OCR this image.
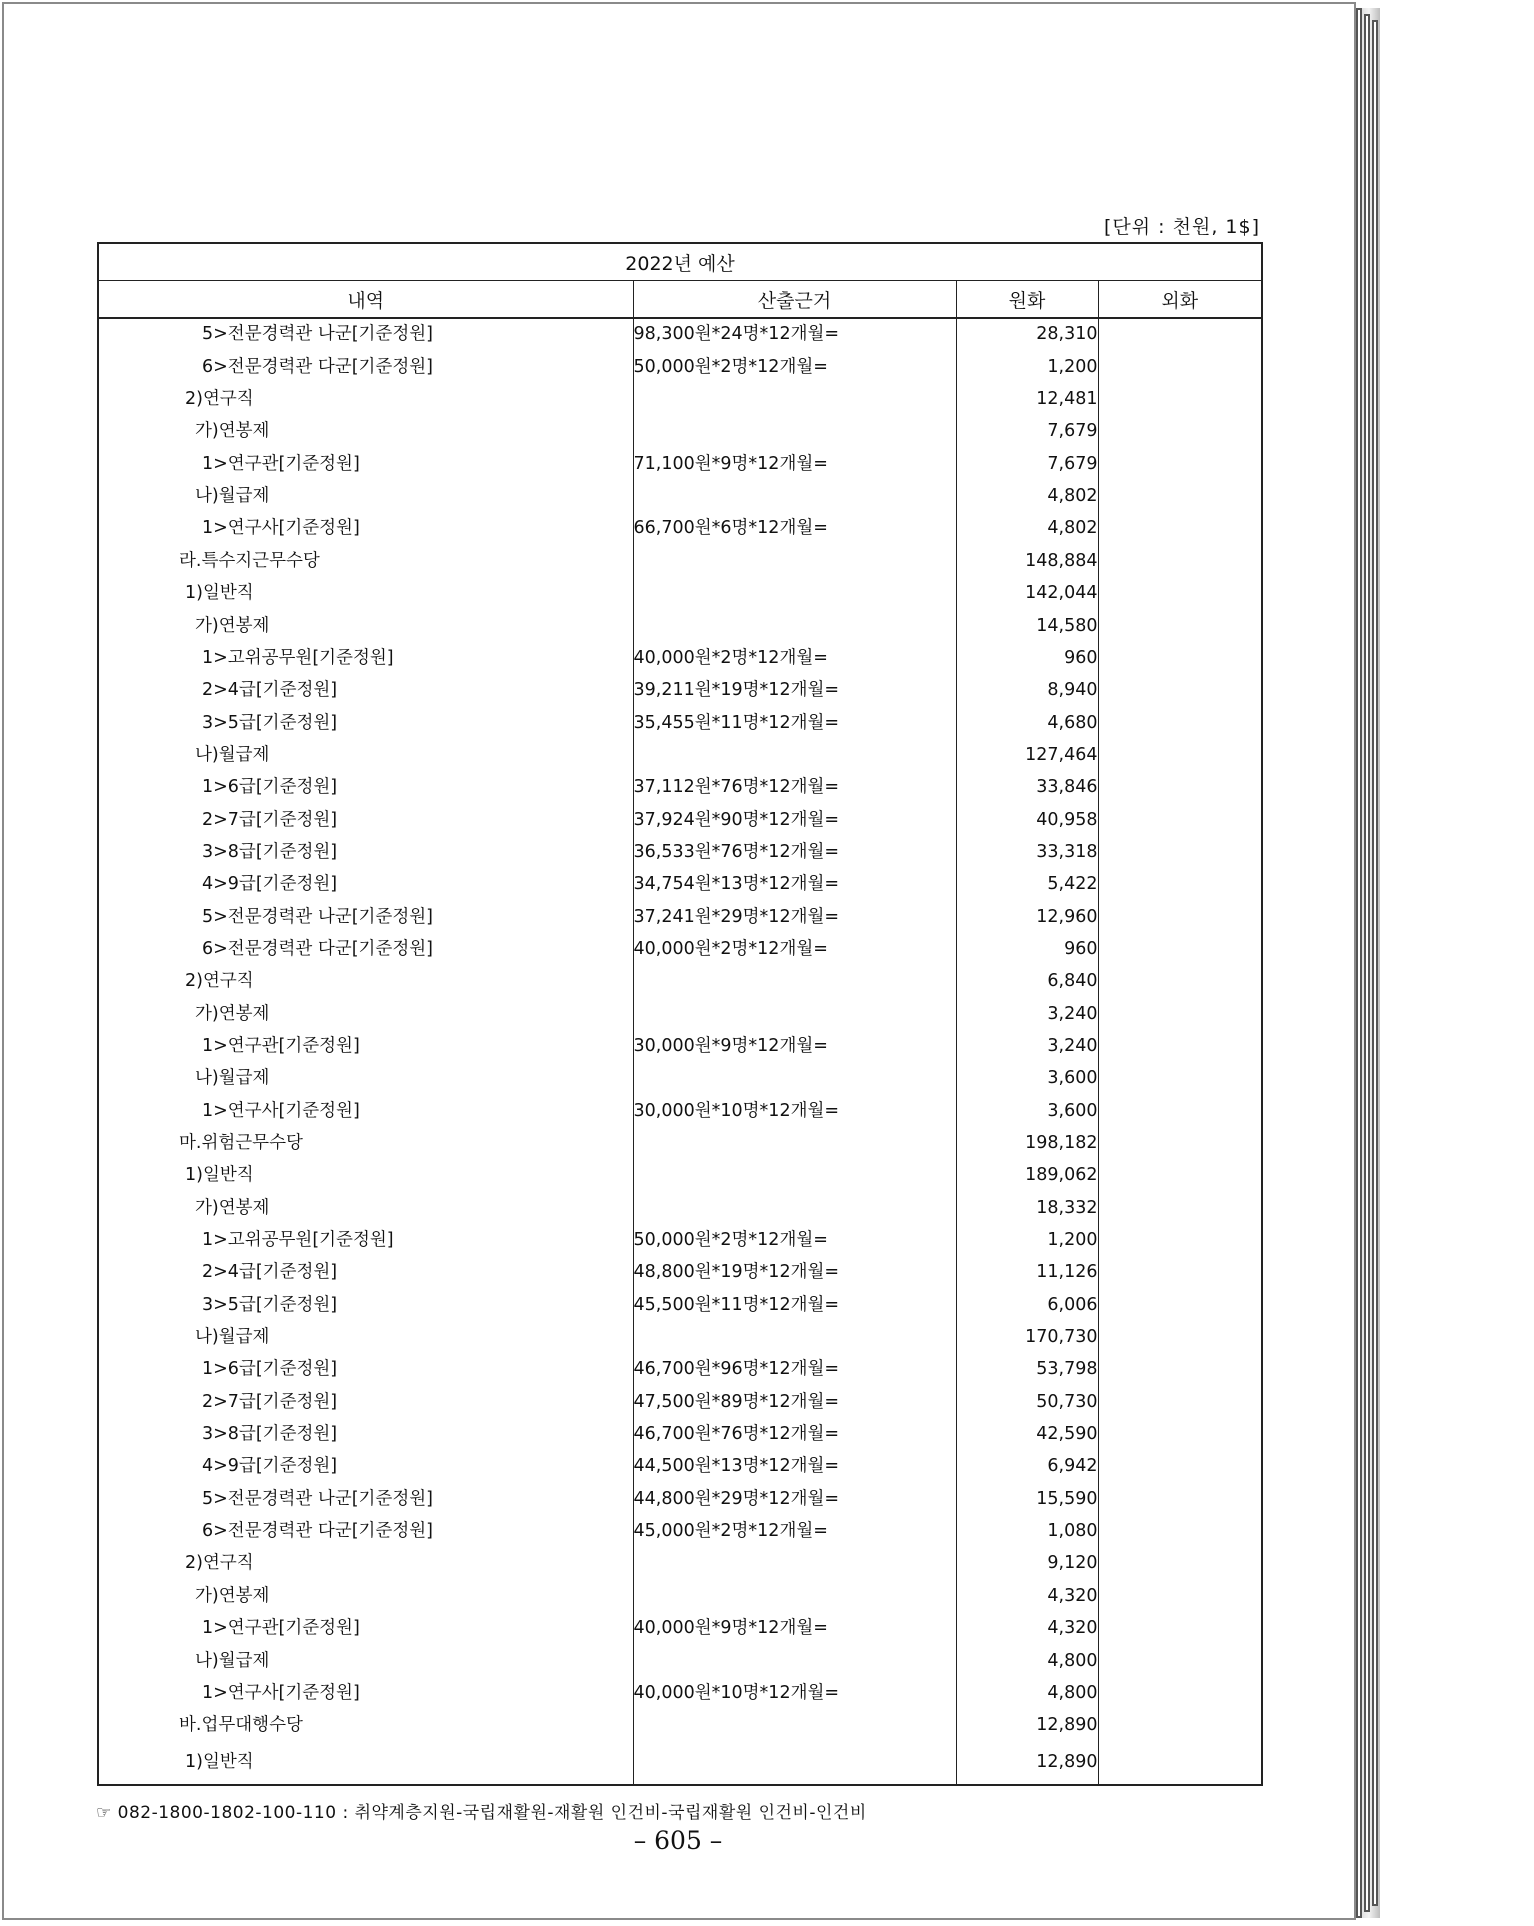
[단위 : 천원, 1$]
2022년 예산			
내역	산출근거	원화	외화
5>전문경력관 나군[기준정원]	98,300원*24명*12개월=	28,310	
6>전문경력관 다군[기준정원]	50,000원*2명*12개월=	1,200	
2)연구직		12,481	
가)연봉제		7,679	
1>연구관[기준정원]	71,100원*9명*12개월=	7,679	
나)월급제		4,802	
1>연구사[기준정원]	66,700원*6명*12개월=	4,802	
라.특수지근무수당		148,884	
1)일반직		142,044	
가)연봉제		14,580	
1>고위공무원[기준정원]	40,000원*2명*12개월=	960	
2>4급[기준정원]	39,211원*19명*12개월=	8,940	
3>5급[기준정원]	35,455원*11명*12개월=	4,680	
나)월급제		127,464	
1>6급[기준정원]	37,112원*76명*12개월=	33,846	
2>7급[기준정원]	37,924원*90명*12개월=	40,958	
3>8급[기준정원]	36,533원*76명*12개월=	33,318	
4>9급[기준정원]	34,754원*13명*12개월=	5,422	
5>전문경력관 나군[기준정원]	37,241원*29명*12개월=	12,960	
6>전문경력관 다군[기준정원]	40,000원*2명*12개월=	960	
2)연구직		6,840	
가)연봉제		3,240	
1>연구관[기준정원]	30,000원*9명*12개월=	3,240	
나)월급제		3,600	
1>연구사[기준정원]	30,000원*10명*12개월=	3,600	
마.위험근무수당		198,182	
1)일반직		189,062	
가)연봉제		18,332	
1>고위공무원[기준정원]	50,000원*2명*12개월=	1,200	
2>4급[기준정원]	48,800원*19명*12개월=	11,126	
3>5급[기준정원]	45,500원*11명*12개월=	6,006	
나)월급제		170,730	
1>6급[기준정원]	46,700원*96명*12개월=	53,798	
2>7급[기준정원]	47,500원*89명*12개월=	50,730	
3>8급[기준정원]	46,700원*76명*12개월=	42,590	
4>9급[기준정원]	44,500원*13명*12개월=	6,942	
5>전문경력관 나군[기준정원]	44,800원*29명*12개월=	15,590	
6>전문경력관 다군[기준정원]	45,000원*2명*12개월=	1,080	
2)연구직		9,120	
가)연봉제		4,320	
1>연구관[기준정원]	40,000원*9명*12개월=	4,320	
나)월급제		4,800	
1>연구사[기준정원]	40,000원*10명*12개월=	4,800	
바.업무대행수당		12,890	
1)일반직		12,890	
☞ 082-1800-1802-100-110 : 취약계층지원-국립재활원-재활원 인건비-국립재활원 인건비-인건비
– 605 –
